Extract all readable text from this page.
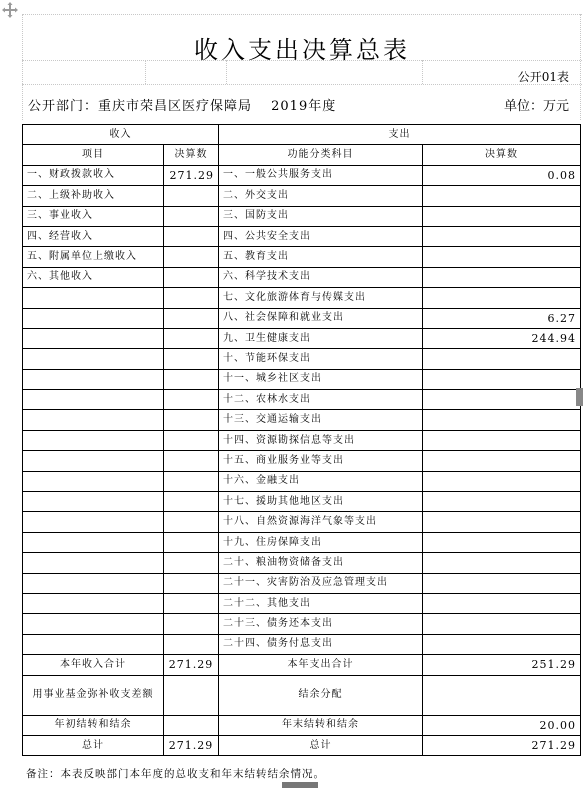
收入支出决算总表
公开01表
公开部门：重庆市荣昌区医疗保障局　 2019年度	单位：万元
收入		支出	
项目	决算数	功能分类科目	决算数
一、财政拨款收入	271.29	一、一般公共服务支出	0.08
二、上级补助收入		二、外交支出	
三、事业收入		三、国防支出	
四、经营收入		四、公共安全支出	
五、附属单位上缴收入		五、教育支出	
六、其他收入		六、科学技术支出	
		七、文化旅游体育与传媒支出	
		八、社会保障和就业支出	6.27
		九、卫生健康支出	244.94
		十、节能环保支出	
		十一、城乡社区支出	
		十二、农林水支出	
		十三、交通运输支出	
		十四、资源勘探信息等支出	
		十五、商业服务业等支出	
		十六、金融支出	
		十七、援助其他地区支出	
		十八、自然资源海洋气象等支出	
		十九、住房保障支出	
		二十、粮油物资储备支出	
		二十一、灾害防治及应急管理支出	
		二十二、其他支出	
		二十三、债务还本支出	
		二十四、债务付息支出	
本年收入合计	271.29	本年支出合计	251.29
用事业基金弥补收支差额		结余分配	
年初结转和结余		年末结转和结余	20.00
总计	271.29	总计	271.29
备注：本表反映部门本年度的总收支和年末结转结余情况。
